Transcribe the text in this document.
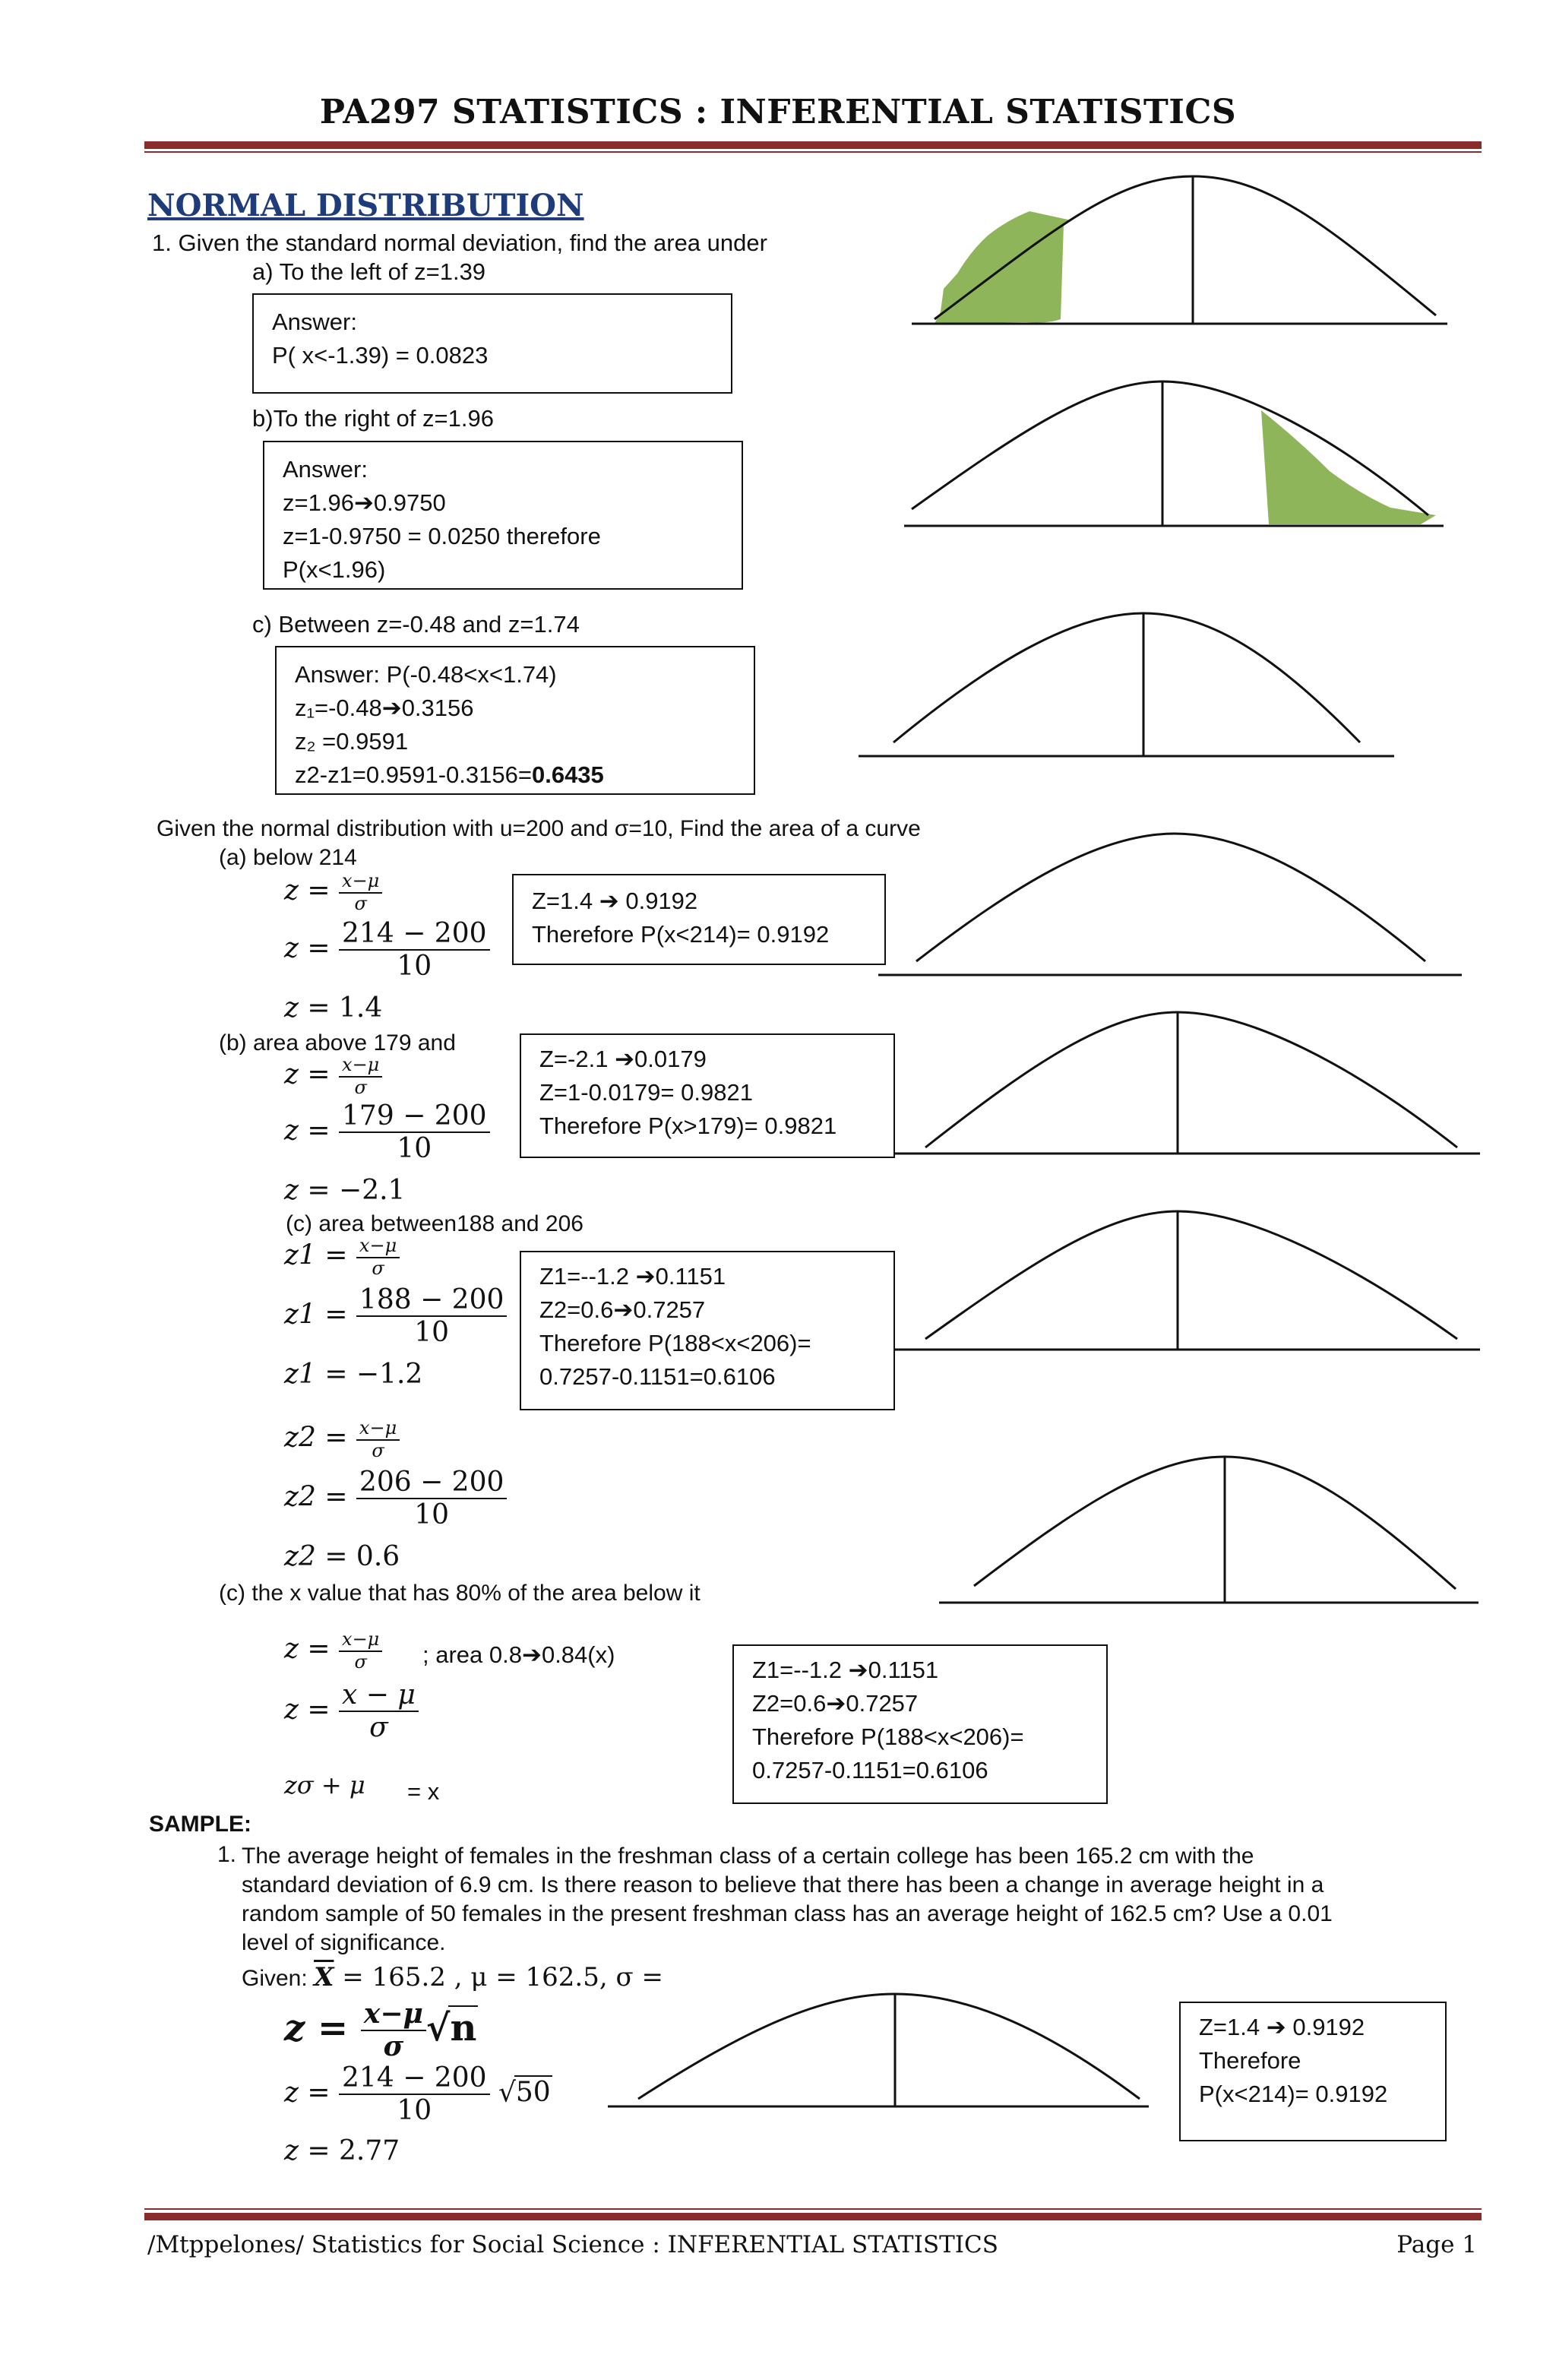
PA297 STATISTICS : INFERENTIAL STATISTICS
NORMAL DISTRIBUTION
1. Given the standard normal deviation, find the area under
a) To the left of z=1.39
Answer:
P( x<-1.39) = 0.0823
b)To the right of z=1.96
Answer:
z=1.96➔0.9750
z=1-0.9750 = 0.0250 therefore
P(x<1.96)
c) Between z=-0.48 and z=1.74
Answer: P(-0.48<x<1.74)
z₁=-0.48➔0.3156
z₂ =0.9591
z2-z1=0.9591-0.3156=0.6435
Given the normal distribution with u=200 and σ=10, Find the area of a curve
(a) below 214
$z = \frac{x-\mu}{\sigma}$
$z = \frac{214 - 200}{10}$
z = 1.4
Z=1.4 ➔ 0.9192
Therefore P(x<214)= 0.9192
(b) area above 179 and
$z = \frac{x-\mu}{\sigma}$
$z = \frac{179 - 200}{10}$
z = −2.1
Z=-2.1 ➔0.0179
Z=1-0.0179= 0.9821
Therefore P(x>179)= 0.9821
(c) area between188 and 206
$z1 = \frac{x-\mu}{\sigma}$
$z1 = \frac{188 - 200}{10}$
z1 = −1.2
Z1=--1.2 ➔0.1151
Z2=0.6➔0.7257
Therefore P(188<x<206)=
0.7257-0.1151=0.6106
$z2 = \frac{x-\mu}{\sigma}$
$z2 = \frac{206 - 200}{10}$
z2 = 0.6
(c) the x value that has 80% of the area below it
$z = \frac{x-\mu}{\sigma}$ ; area 0.8➔0.84(x)
$z = \frac{x - \mu}{\sigma}$
zσ + μ = x
Z1=--1.2 ➔0.1151
Z2=0.6➔0.7257
Therefore P(188<x<206)=
0.7257-0.1151=0.6106
SAMPLE:
1. The average height of females in the freshman class of a certain college has been 165.2 cm with the
standard deviation of 6.9 cm. Is there reason to believe that there has been a change in average height in a
random sample of 50 females in the present freshman class has an average height of 162.5 cm? Use a 0.01
level of significance.
Given: $\overline{X} = 165.2$ , μ = 162.5, σ =
$z = \frac{x-\mu}{\sigma} √n$
$z = \frac{214 - 200}{10} √50$
z = 2.77
Z=1.4 ➔ 0.9192
Therefore
P(x<214)= 0.9192
/Mtppelones/ Statistics for Social Science : INFERENTIAL STATISTICS	Page 1
